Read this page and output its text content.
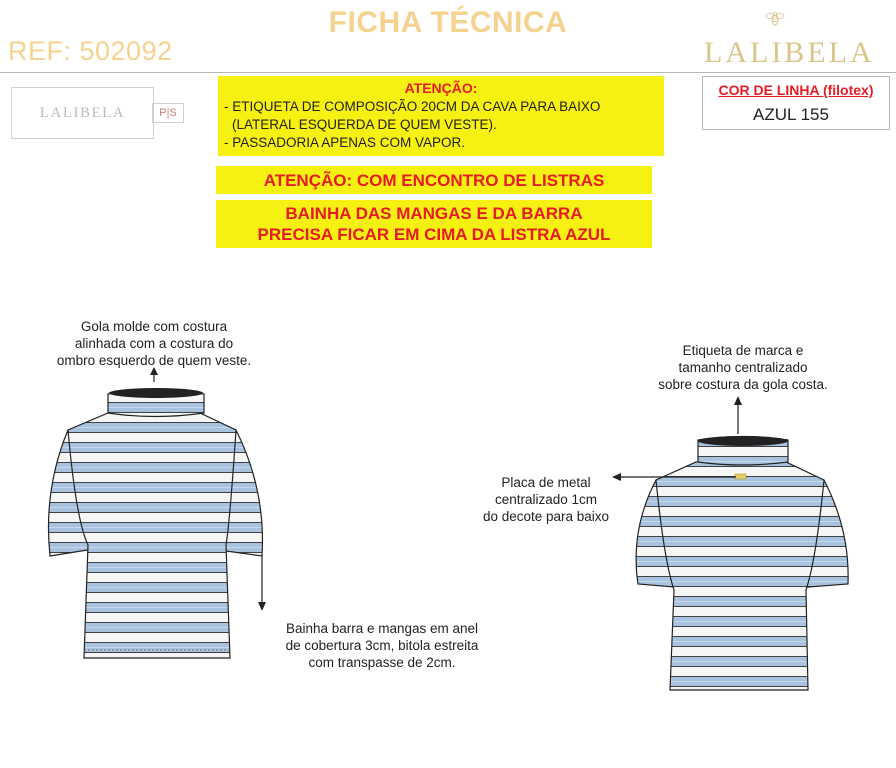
FICHA TÉCNICA
REF: 502092	LALIBELA
LALIBELA	P|S
ATENÇÃO:
- ETIQUETA DE COMPOSIÇÃO 20CM DA CAVA PARA BAIXO
(LATERAL ESQUERDA DE QUEM VESTE).
- PASSADORIA APENAS COM VAPOR.
ATENÇÃO: COM ENCONTRO DE LISTRAS
BAINHA DAS MANGAS E DA BARRA
PRECISA FICAR EM CIMA DA LISTRA AZUL
COR DE LINHA (filotex)
AZUL 155
Gola molde com costura
alinhada com a costura do
ombro esquerdo de quem veste.
Bainha barra e mangas em anel
de cobertura 3cm, bitola estreita
com transpasse de 2cm.
Etiqueta de marca e
tamanho centralizado
sobre costura da gola costa.
Placa de metal
centralizado 1cm
do decote para baixo
